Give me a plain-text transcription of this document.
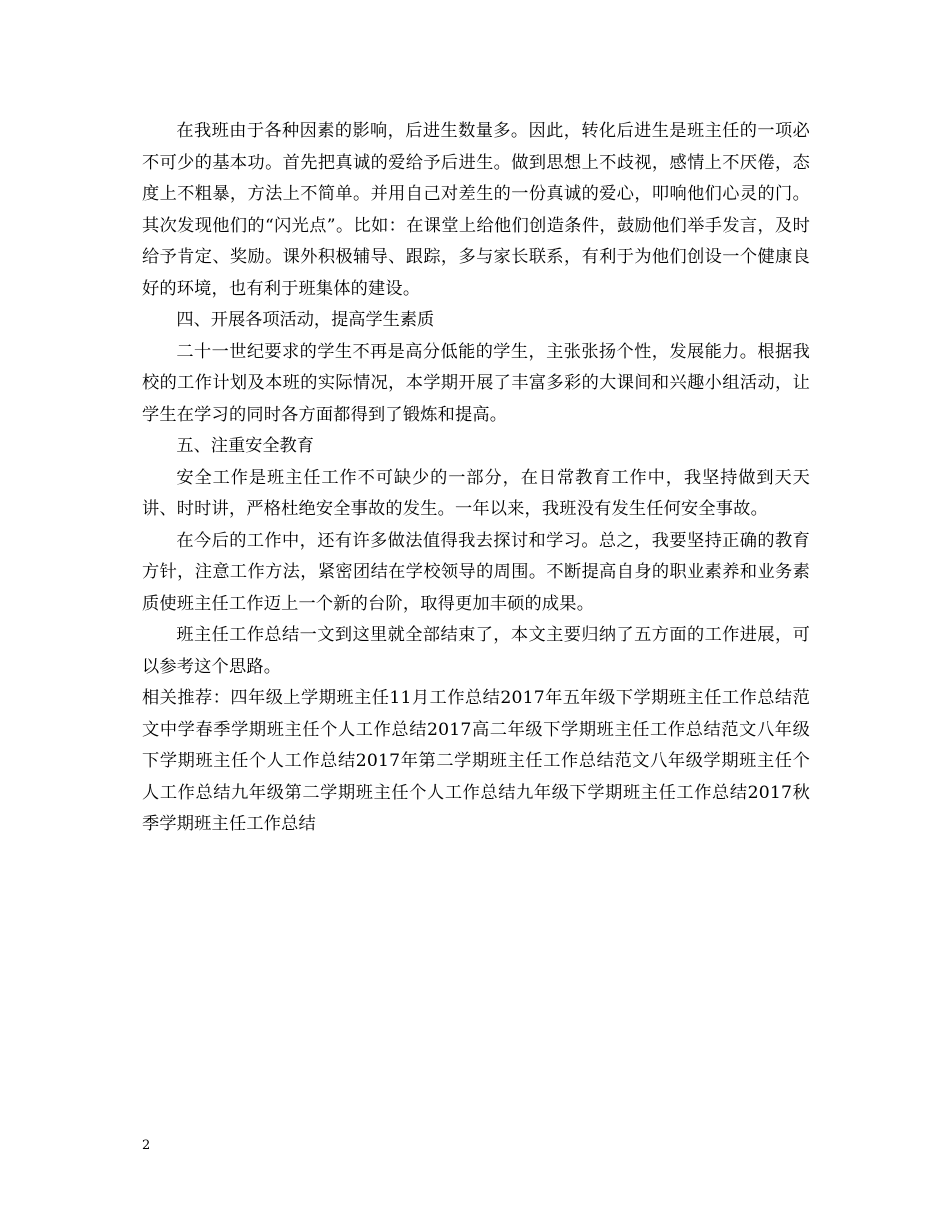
在我班由于各种因素的影响，后进生数量多。因此，转化后进生是班主任的一项必不可少的基本功。首先把真诚的爱给予后进生。做到思想上不歧视，感情上不厌倦，态度上不粗暴，方法上不简单。并用自己对差生的一份真诚的爱心，叩响他们心灵的门。其次发现他们的“闪光点”。比如：在课堂上给他们创造条件，鼓励他们举手发言，及时给予肯定、奖励。课外积极辅导、跟踪，多与家长联系，有利于为他们创设一个健康良好的环境，也有利于班集体的建设。

四、开展各项活动，提高学生素质

二十一世纪要求的学生不再是高分低能的学生，主张张扬个性，发展能力。根据我校的工作计划及本班的实际情况，本学期开展了丰富多彩的大课间和兴趣小组活动，让学生在学习的同时各方面都得到了锻炼和提高。

五、注重安全教育

安全工作是班主任工作不可缺少的一部分，在日常教育工作中，我坚持做到天天讲、时时讲，严格杜绝安全事故的发生。一年以来，我班没有发生任何安全事故。

在今后的工作中，还有许多做法值得我去探讨和学习。总之，我要坚持正确的教育方针，注意工作方法，紧密团结在学校领导的周围。不断提高自身的职业素养和业务素质使班主任工作迈上一个新的台阶，取得更加丰硕的成果。

班主任工作总结一文到这里就全部结束了，本文主要归纳了五方面的工作进展，可以参考这个思路。

相关推荐：四年级上学期班主任11月工作总结2017年五年级下学期班主任工作总结范文中学春季学期班主任个人工作总结2017高二年级下学期班主任工作总结范文八年级下学期班主任个人工作总结2017年第二学期班主任工作总结范文八年级学期班主任个人工作总结九年级第二学期班主任个人工作总结九年级下学期班主任工作总结2017秋季学期班主任工作总结

2
